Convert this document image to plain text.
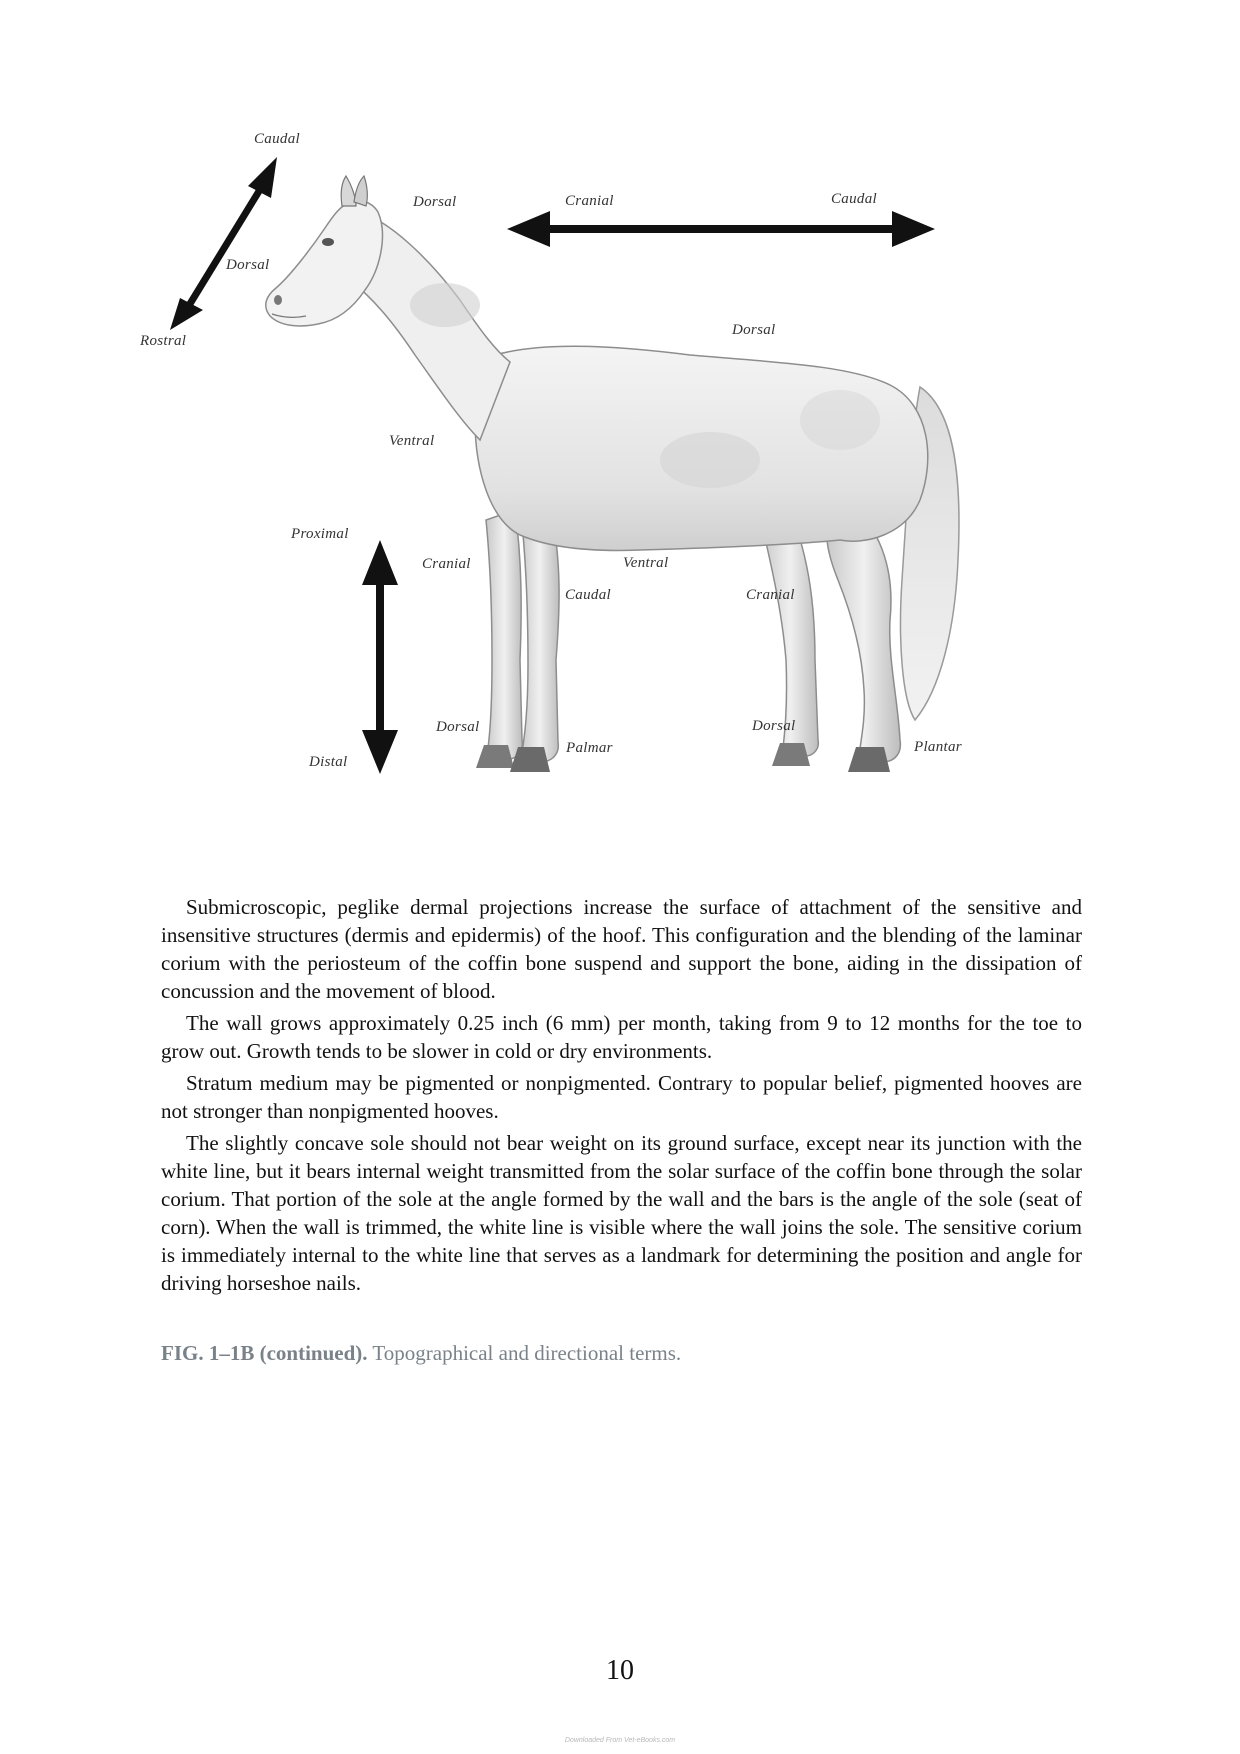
Caudal
Dorsal
Rostral
Dorsal	Cranial	Caudal
Dorsal
Ventral
Proximal
Distal
Cranial	Ventral
Caudal	Cranial
Dorsal
Palmar
Dorsal
Plantar

Submicroscopic, peglike dermal projections increase the surface of attachment of the sensitive and insensitive structures (dermis and epidermis) of the hoof. This configuration and the blending of the laminar corium with the periosteum of the coffin bone suspend and support the bone, aiding in the dissipation of concussion and the movement of blood.

The wall grows approximately 0.25 inch (6 mm) per month, taking from 9 to 12 months for the toe to grow out. Growth tends to be slower in cold or dry environments.

Stratum medium may be pigmented or nonpigmented. Contrary to popular belief, pigmented hooves are not stronger than nonpigmented hooves.

The slightly concave sole should not bear weight on its ground surface, except near its junction with the white line, but it bears internal weight transmitted from the solar surface of the coffin bone through the solar corium. That portion of the sole at the angle formed by the wall and the bars is the angle of the sole (seat of corn). When the wall is trimmed, the white line is visible where the wall joins the sole. The sensitive corium is immediately internal to the white line that serves as a landmark for determining the position and angle for driving horseshoe nails.

FIG. 1–1B (continued). Topographical and directional terms.
10
Downloaded From Vet-eBooks.com
